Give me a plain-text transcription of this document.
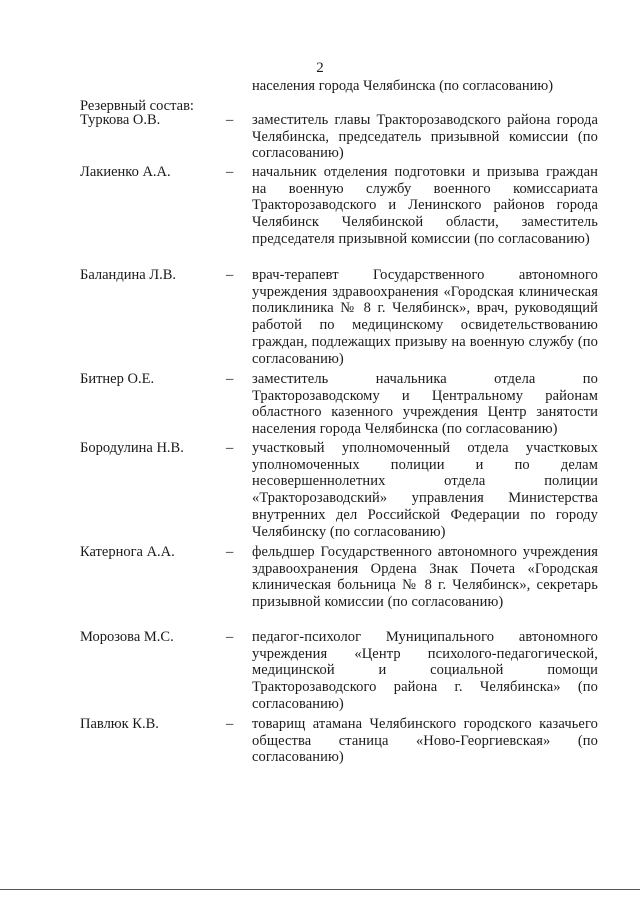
2
населения города Челябинска (по согласованию)
Резервный состав:
Туркова О.В.	– заместитель главы Тракторозаводского района города Челябинска, председатель призывной комиссии (по согласованию)
Лакиенко А.А.	– начальник отделения подготовки и призыва граждан на военную службу военного комиссариата Тракторозаводского и Ленинского районов города Челябинск Челябинской области, заместитель председателя призывной комиссии (по согласованию)
Баландина Л.В.	– врач-терапевт Государственного автономного учреждения здравоохранения «Городская клиническая поликлиника № 8 г. Челябинск», врач, руководящий работой по медицинскому освидетельствованию граждан, подлежащих призыву на военную службу (по согласованию)
Битнер О.Е.	– заместитель начальника отдела по Тракторозаводскому и Центральному районам областного казенного учреждения Центр занятости населения города Челябинска (по согласованию)
Бородулина Н.В.	– участковый уполномоченный отдела участковых уполномоченных полиции и по делам несовершеннолетних отдела полиции «Тракторозаводский» управления Министерства внутренних дел Российской Федерации по городу Челябинску (по согласованию)
Катернога А.А.	– фельдшер Государственного автономного учреждения здравоохранения Ордена Знак Почета «Городская клиническая больница № 8 г. Челябинск», секретарь призывной комиссии (по согласованию)
Морозова М.С.	– педагог-психолог Муниципального автономного учреждения «Центр психолого-педагогической, медицинской и социальной помощи Тракторозаводского района г. Челябинска» (по согласованию)
Павлюк К.В.	– товарищ атамана Челябинского городского казачьего общества станица «Ново-Георгиевская» (по согласованию)
